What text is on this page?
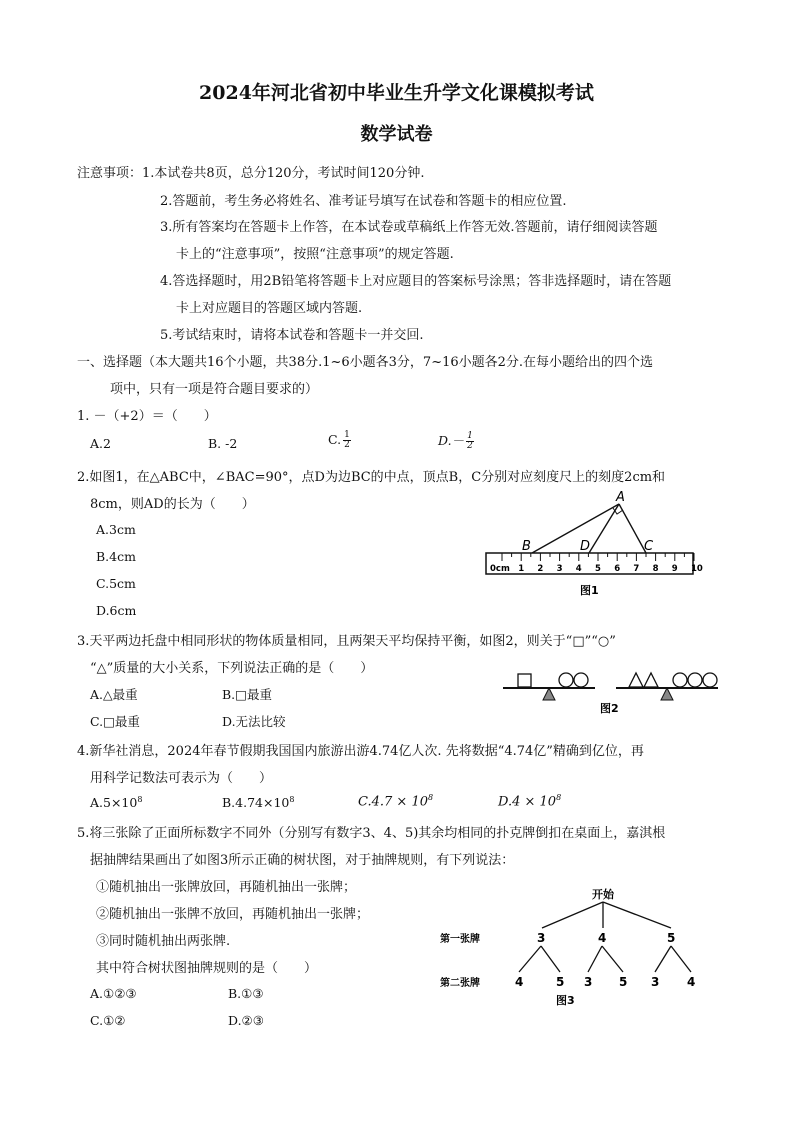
2024年河北省初中毕业生升学文化课模拟考试
数学试卷
注意事项：1.本试卷共8页，总分120分，考试时间120分钟.
2.答题前，考生务必将姓名、准考证号填写在试卷和答题卡的相应位置.
3.所有答案均在答题卡上作答，在本试卷或草稿纸上作答无效.答题前，请仔细阅读答题
卡上的“注意事项”，按照“注意事项”的规定答题.
4.答选择题时，用2B铅笔将答题卡上对应题目的答案标号涂黑；答非选择题时，请在答题
卡上对应题目的答题区域内答题.
5.考试结束时，请将本试卷和答题卡一并交回.
一、选择题（本大题共16个小题，共38分.1~6小题各3分，7~16小题各2分.在每小题给出的四个选
项中，只有一项是符合题目要求的）
1. －（+2）＝（　　）
A.2	B. -2	C. $\frac{1}{2}$	$D.- \frac{1}{2}$
2.如图1，在△ABC中，∠BAC=90°，点D为边BC的中点，顶点B，C分别对应刻度尺上的刻度2cm和
8cm，则AD的长为（　　）
A.3cm
B.4cm
C.5cm
D.6cm
0cm 1 2 3 4 5 6 7 8 9 10
A
B	D	C
图1
3.天平两边托盘中相同形状的物体质量相同，且两架天平均保持平衡，如图2，则关于“□”“○”
“△”质量的大小关系，下列说法正确的是（　　）
A.△最重	B.□最重
C.□最重	D.无法比较
图2
4.新华社消息，2024年春节假期我国国内旅游出游4.74亿人次. 先将数据“4.74亿”精确到亿位，再
用科学记数法可表示为（　　）
$A.5\times 10^8$	$B.4.74\times 10^8$	$C.4.7 \times 10^8$	$D.4 \times 10^8$
5.将三张除了正面所标数字不同外（分别写有数字3、4、5)其余均相同的扑克牌倒扣在桌面上，嘉淇根
据抽牌结果画出了如图3所示正确的树状图，对于抽牌规则，有下列说法：
①随机抽出一张牌放回，再随机抽出一张牌；
②随机抽出一张牌不放回，再随机抽出一张牌；
③同时随机抽出两张牌.
其中符合树状图抽牌规则的是（　　）
A.①②③	B.①③
C.①②	D.②③
开始
第一张牌	3	4	5
第二张牌	4	5 3 5 3 4
图3
